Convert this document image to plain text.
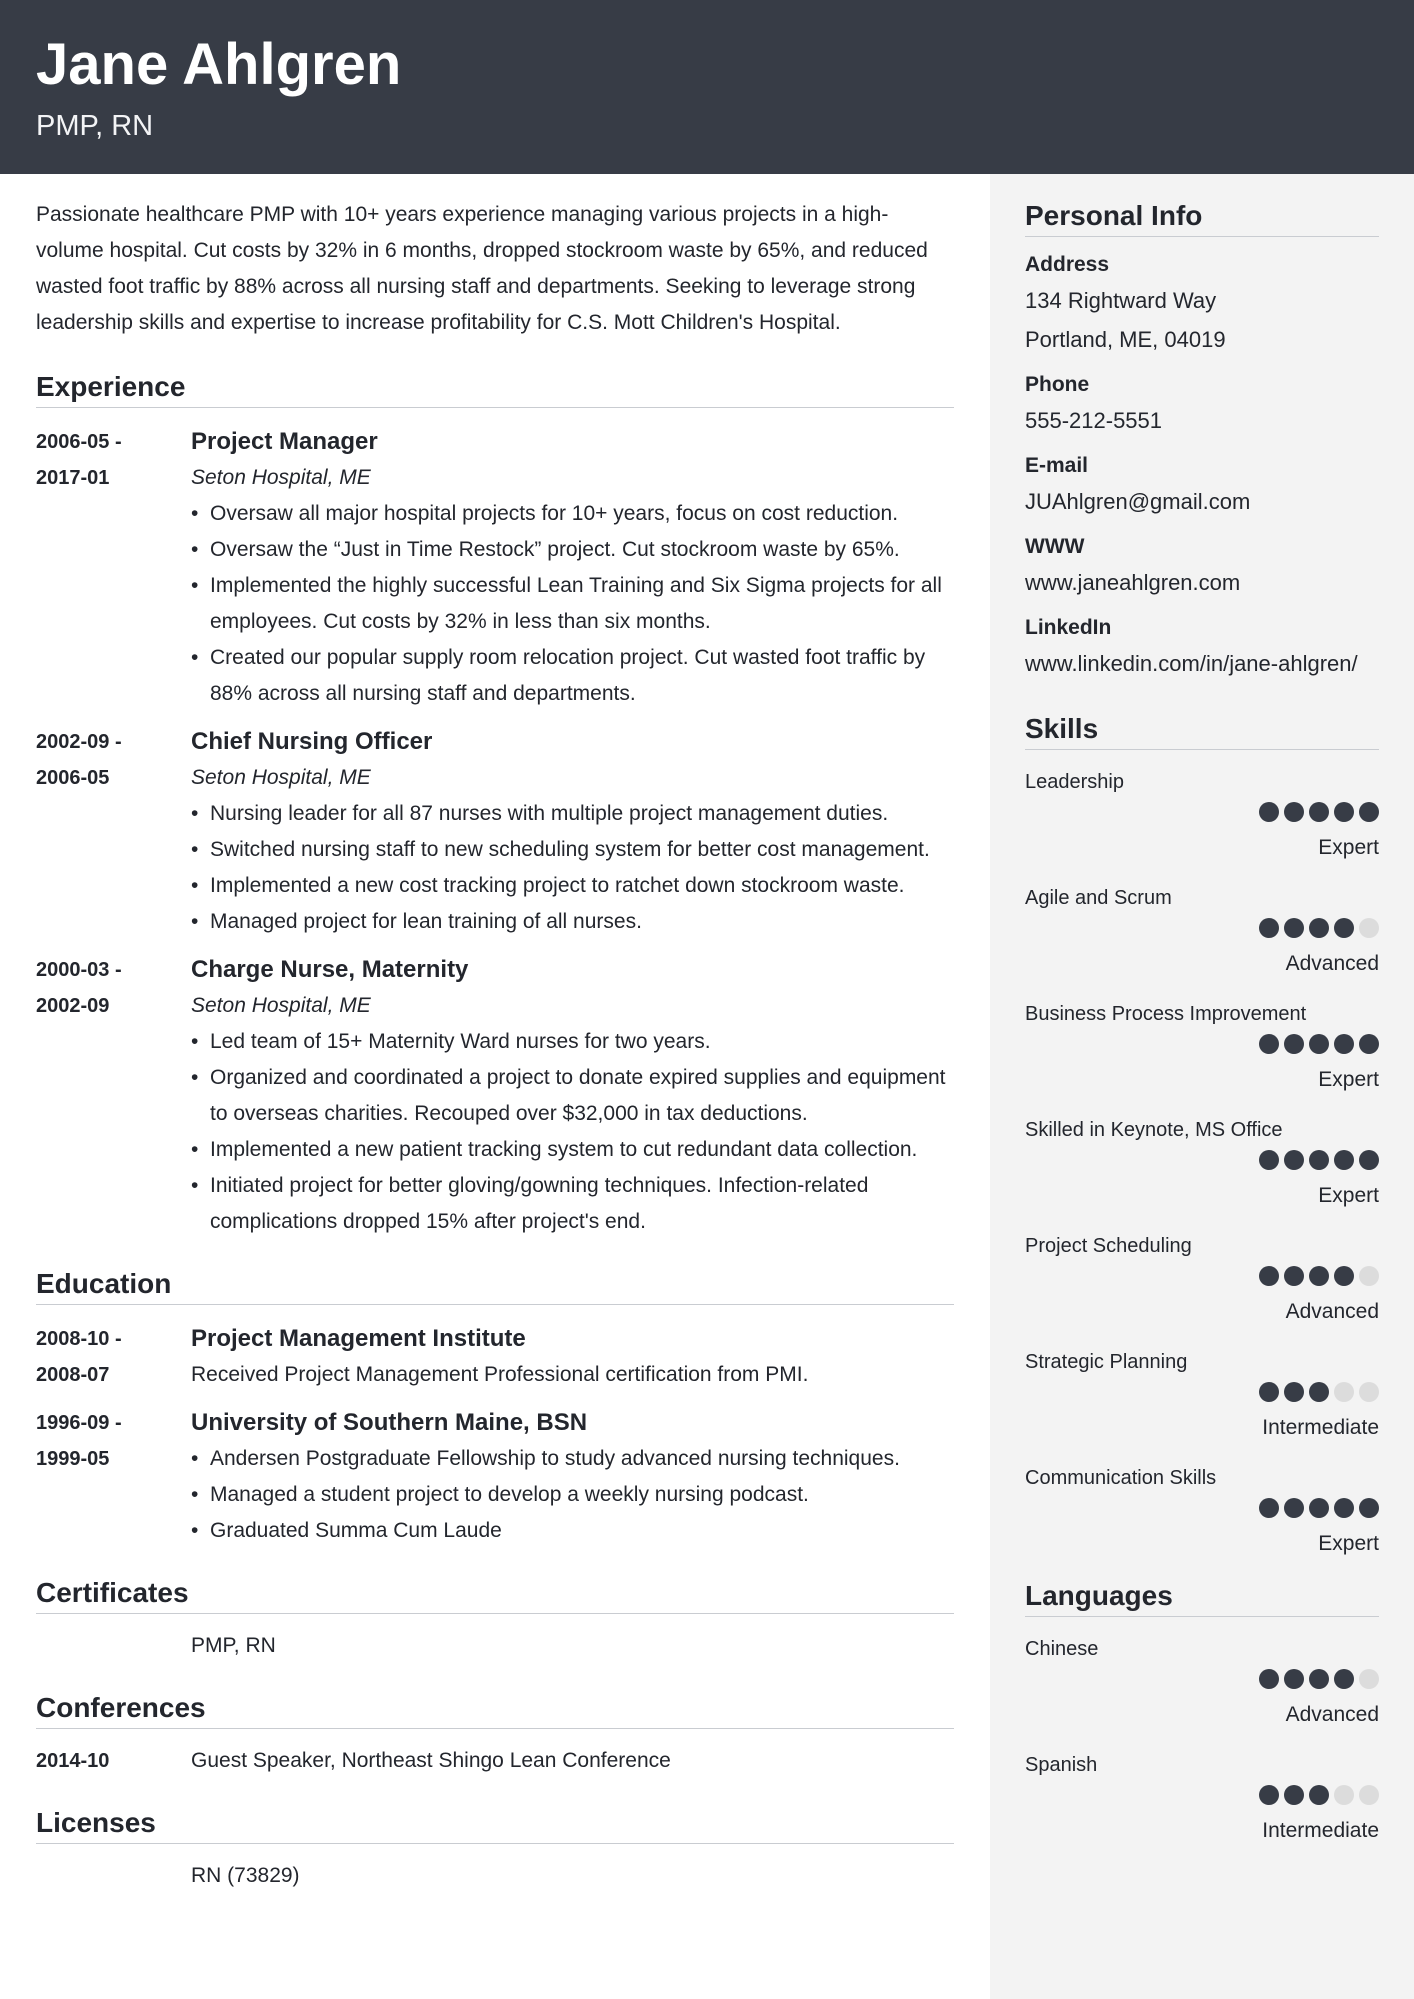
Jane Ahlgren
PMP, RN
Personal Info
Address
134 Rightward Way
Portland, ME, 04019
Phone
555-212-5551
E-mail
JUAhlgren@gmail.com
WWW
www.janeahlgren.com
LinkedIn
www.linkedin.com/in/jane-ahlgren/
Skills
Leadership
Expert
Agile and Scrum
Advanced
Business Process Improvement
Expert
Skilled in Keynote, MS Office
Expert
Project Scheduling
Advanced
Strategic Planning
Intermediate
Communication Skills
Expert
Languages
Chinese
Advanced
Spanish
Intermediate

Passionate healthcare PMP with 10+ years experience managing various projects in a high-volume hospital. Cut costs by 32% in 6 months, dropped stockroom waste by 65%, and reduced wasted foot traffic by 88% across all nursing staff and departments. Seeking to leverage strong leadership skills and expertise to increase profitability for C.S. Mott Children's Hospital.

Experience
2006-05 - 2017-01
Project Manager
Seton Hospital, ME
• Oversaw all major hospital projects for 10+ years, focus on cost reduction.
• Oversaw the “Just in Time Restock” project. Cut stockroom waste by 65%.
• Implemented the highly successful Lean Training and Six Sigma projects for all employees. Cut costs by 32% in less than six months.
• Created our popular supply room relocation project. Cut wasted foot traffic by 88% across all nursing staff and departments.
2002-09 - 2006-05
Chief Nursing Officer
Seton Hospital, ME
• Nursing leader for all 87 nurses with multiple project management duties.
• Switched nursing staff to new scheduling system for better cost management.
• Implemented a new cost tracking project to ratchet down stockroom waste.
• Managed project for lean training of all nurses.
2000-03 - 2002-09
Charge Nurse, Maternity
Seton Hospital, ME
• Led team of 15+ Maternity Ward nurses for two years.
• Organized and coordinated a project to donate expired supplies and equipment to overseas charities. Recouped over $32,000 in tax deductions.
• Implemented a new patient tracking system to cut redundant data collection.
• Initiated project for better gloving/gowning techniques. Infection-related complications dropped 15% after project's end.
Education
2008-10 - 2008-07
Project Management Institute
Received Project Management Professional certification from PMI.
1996-09 - 1999-05
University of Southern Maine, BSN
• Andersen Postgraduate Fellowship to study advanced nursing techniques.
• Managed a student project to develop a weekly nursing podcast.
• Graduated Summa Cum Laude
Certificates
PMP, RN
Conferences
2014-10	Guest Speaker, Northeast Shingo Lean Conference
Licenses
RN (73829)
